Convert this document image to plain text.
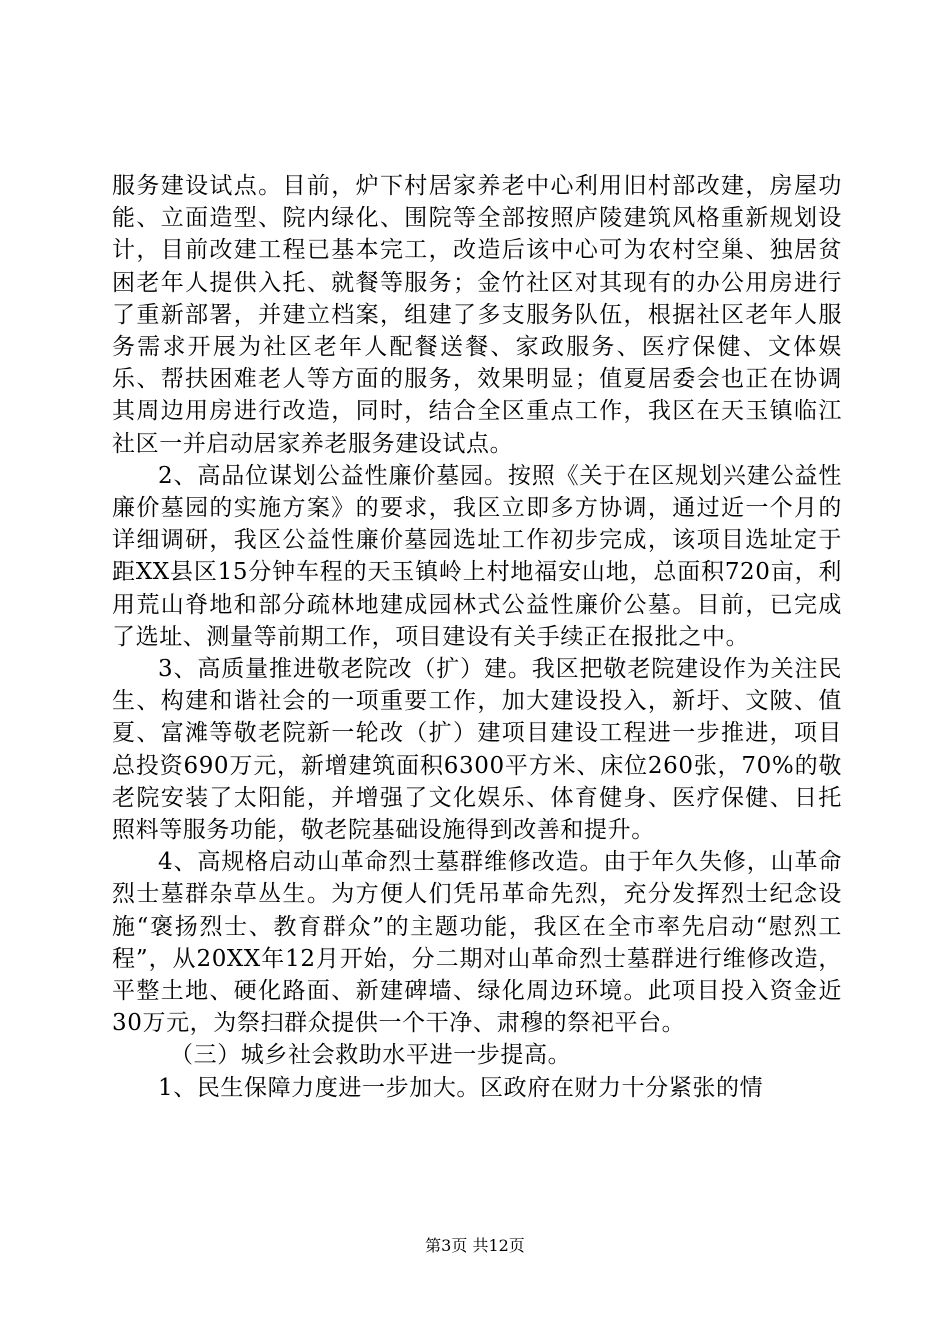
服务建设试点。目前，炉下村居家养老中心利用旧村部改建，房屋功能、立面造型、院内绿化、围院等全部按照庐陵建筑风格重新规划设计，目前改建工程已基本完工，改造后该中心可为农村空巢、独居贫困老年人提供入托、就餐等服务；金竹社区对其现有的办公用房进行了重新部署，并建立档案，组建了多支服务队伍，根据社区老年人服务需求开展为社区老年人配餐送餐、家政服务、医疗保健、文体娱乐、帮扶困难老人等方面的服务，效果明显；值夏居委会也正在协调其周边用房进行改造，同时，结合全区重点工作，我区在天玉镇临江社区一并启动居家养老服务建设试点。

2、高品位谋划公益性廉价墓园。按照《关于在区规划兴建公益性廉价墓园的实施方案》的要求，我区立即多方协调，通过近一个月的详细调研，我区公益性廉价墓园选址工作初步完成，该项目选址定于距XX县区15分钟车程的天玉镇岭上村地福安山地，总面积720亩，利用荒山脊地和部分疏林地建成园林式公益性廉价公墓。目前，已完成了选址、测量等前期工作，项目建设有关手续正在报批之中。

3、高质量推进敬老院改（扩）建。我区把敬老院建设作为关注民生、构建和谐社会的一项重要工作，加大建设投入，新圩、文陂、值夏、富滩等敬老院新一轮改（扩）建项目建设工程进一步推进，项目总投资690万元，新增建筑面积6300平方米、床位260张，70%的敬老院安装了太阳能，并增强了文化娱乐、体育健身、医疗保健、日托照料等服务功能，敬老院基础设施得到改善和提升。

4、高规格启动山革命烈士墓群维修改造。由于年久失修，山革命烈士墓群杂草丛生。为方便人们凭吊革命先烈，充分发挥烈士纪念设施“褒扬烈士、教育群众”的主题功能，我区在全市率先启动“慰烈工程”，从20XX年12月开始，分二期对山革命烈士墓群进行维修改造，平整土地、硬化路面、新建碑墙、绿化周边环境。此项目投入资金近30万元，为祭扫群众提供一个干净、肃穆的祭祀平台。

（三）城乡社会救助水平进一步提高。

1、民生保障力度进一步加大。区政府在财力十分紧张的情

第3页 共12页
